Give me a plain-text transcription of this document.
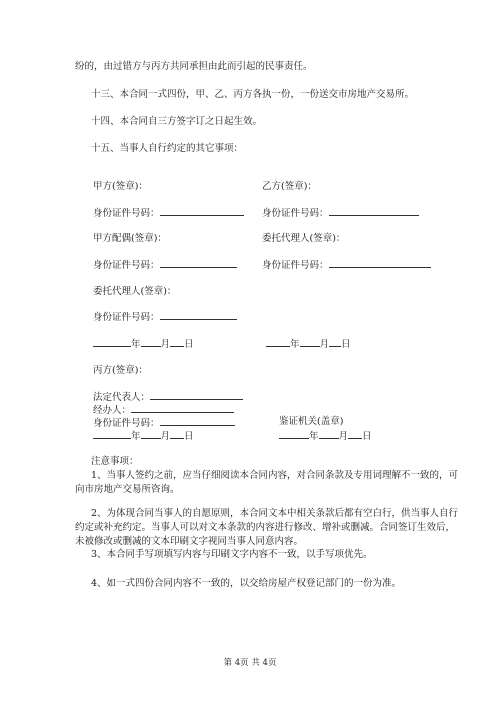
纷的，由过错方与丙方共同承担由此而引起的民事责任。
十三、本合同一式四份，甲、乙、丙方各执一份，一份送交市房地产交易所。
十四、本合同自三方签字订之日起生效。
十五、当事人自行约定的其它事项：
甲方(签章)：	乙方(签章)：
身份证件号码：	身份证件号码：
甲方配偶(签章)：	委托代理人(签章)：
身份证件号码：	身份证件号码：
委托代理人(签章)：
身份证件号码：
年 月 日	年 月 日
丙方(签章)：
法定代表人：
经办人：
身份证件号码：	鉴证机关(盖章)
年 月 日	年 月 日
注意事项：
1、当事人签约之前，应当仔细阅读本合同内容，对合同条款及专用词理解不一致的，可
向市房地产交易所咨询。
2、为体现合同当事人的自愿原则，本合同文本中相关条款后都有空白行，供当事人自行
约定或补充约定。当事人可以对文本条款的内容进行修改、增补或删减。合同签订生效后，
未被修改或删减的文本印刷文字视同当事人同意内容。
3、本合同手写项填写内容与印刷文字内容不一致，以手写项优先。
4、如一式四份合同内容不一致的，以交给房屋产权登记部门的一份为准。
第 4页 共 4页
